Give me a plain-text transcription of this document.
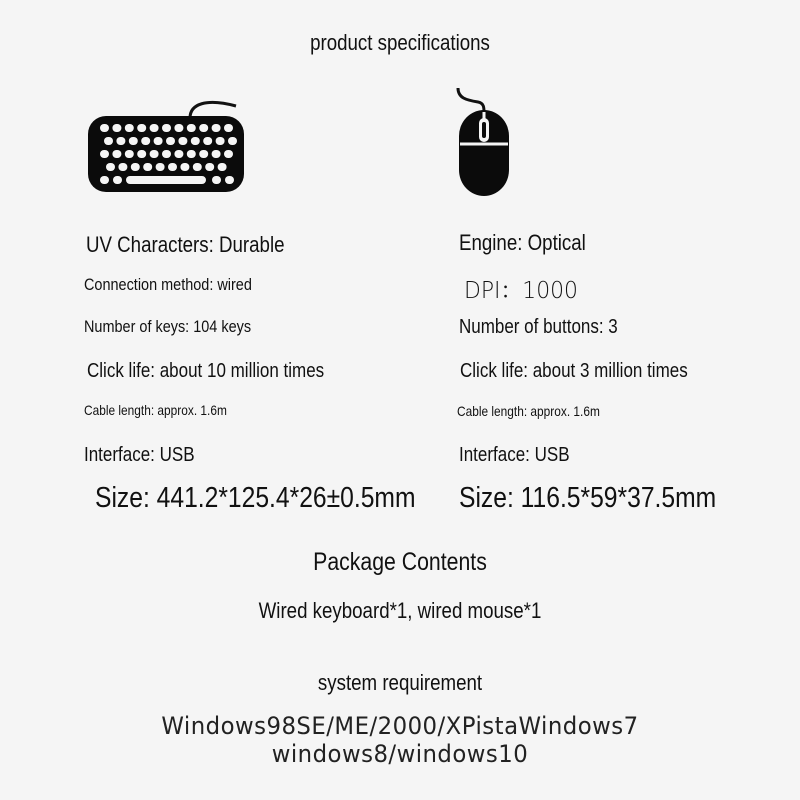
product specifications
UV Characters: Durable
Connection method: wired
Number of keys: 104 keys
Click life: about 10 million times
Cable length: approx. 1.6m
Interface: USB
Size: 441.2*125.4*26±0.5mm
Engine: Optical
DPI：1000
Number of buttons: 3
Click life: about 3 million times
Cable length: approx. 1.6m
Interface: USB
Size: 116.5*59*37.5mm
Package Contents
Wired keyboard*1, wired mouse*1
system requirement
Windows98SE/ME/2000/XPistaWindows7
windows8/windows10
